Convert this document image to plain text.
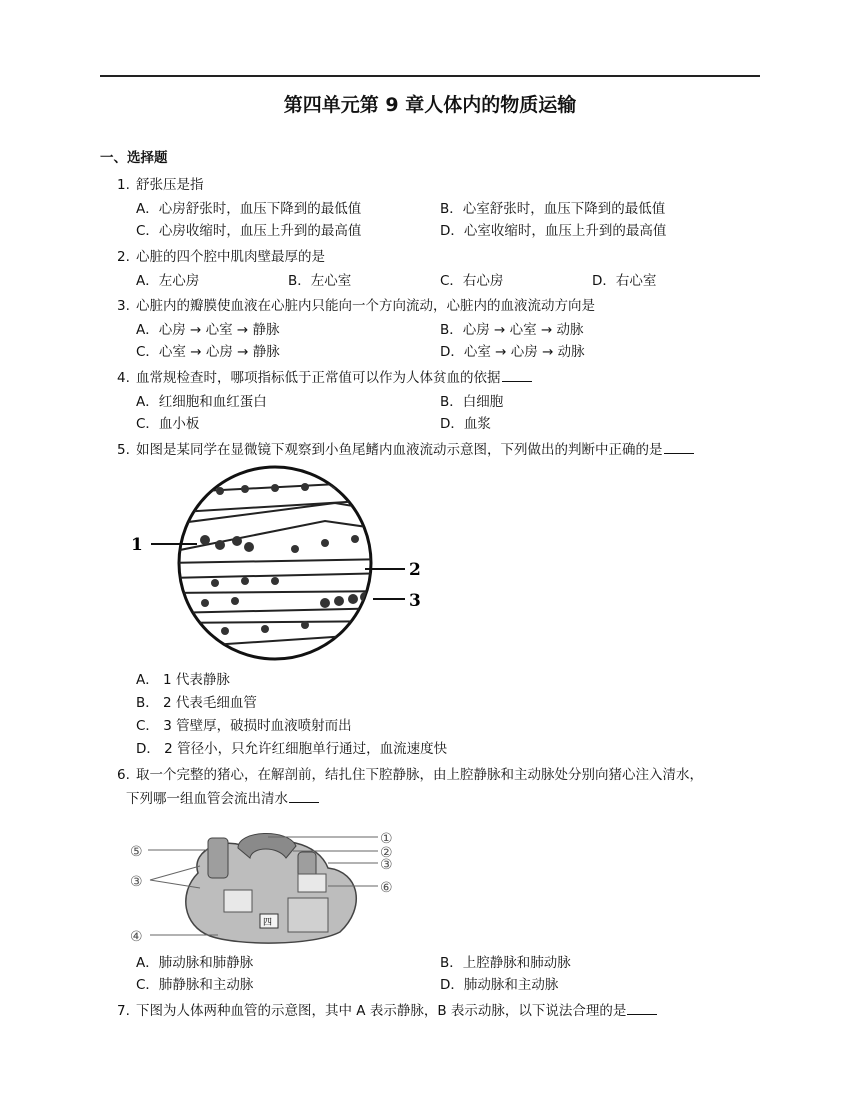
第四单元第 9 章人体内的物质运输
一、选择题
1. 舒张压是指
A．心房舒张时，血压下降到的最低值	B．心室舒张时，血压下降到的最低值
C．心房收缩时，血压上升到的最高值	D．心室收缩时，血压上升到的最高值
2. 心脏的四个腔中肌肉壁最厚的是
A．左心房	B．左心室	C．右心房	D．右心室
3. 心脏内的瓣膜使血液在心脏内只能向一个方向流动，心脏内的血液流动方向是
A．心房 → 心室 → 静脉	B．心房 → 心室 → 动脉
C．心室 → 心房 → 静脉	D．心室 → 心房 → 动脉
4. 血常规检查时，哪项指标低于正常值可以作为人体贫血的依据
A．红细胞和血红蛋白	B．白细胞
C．血小板	D．血浆
5. 如图是某同学在显微镜下观察到小鱼尾鳍内血液流动示意图，下列做出的判断中正确的是
1
2
3
A． 1 代表静脉
B． 2 代表毛细血管
C． 3 管壁厚，破损时血液喷射而出
D． 2 管径小，只允许红细胞单行通过，血流速度快
6. 取一个完整的猪心，在解剖前，结扎住下腔静脉，由上腔静脉和主动脉处分别向猪心注入清水，
下列哪一组血管会流出清水
四
⑤
①
②
③
③	⑥
④
A．肺动脉和肺静脉	B．上腔静脉和肺动脉
C．肺静脉和主动脉	D．肺动脉和主动脉
7. 下图为人体两种血管的示意图，其中 A 表示静脉，B 表示动脉，以下说法合理的是
